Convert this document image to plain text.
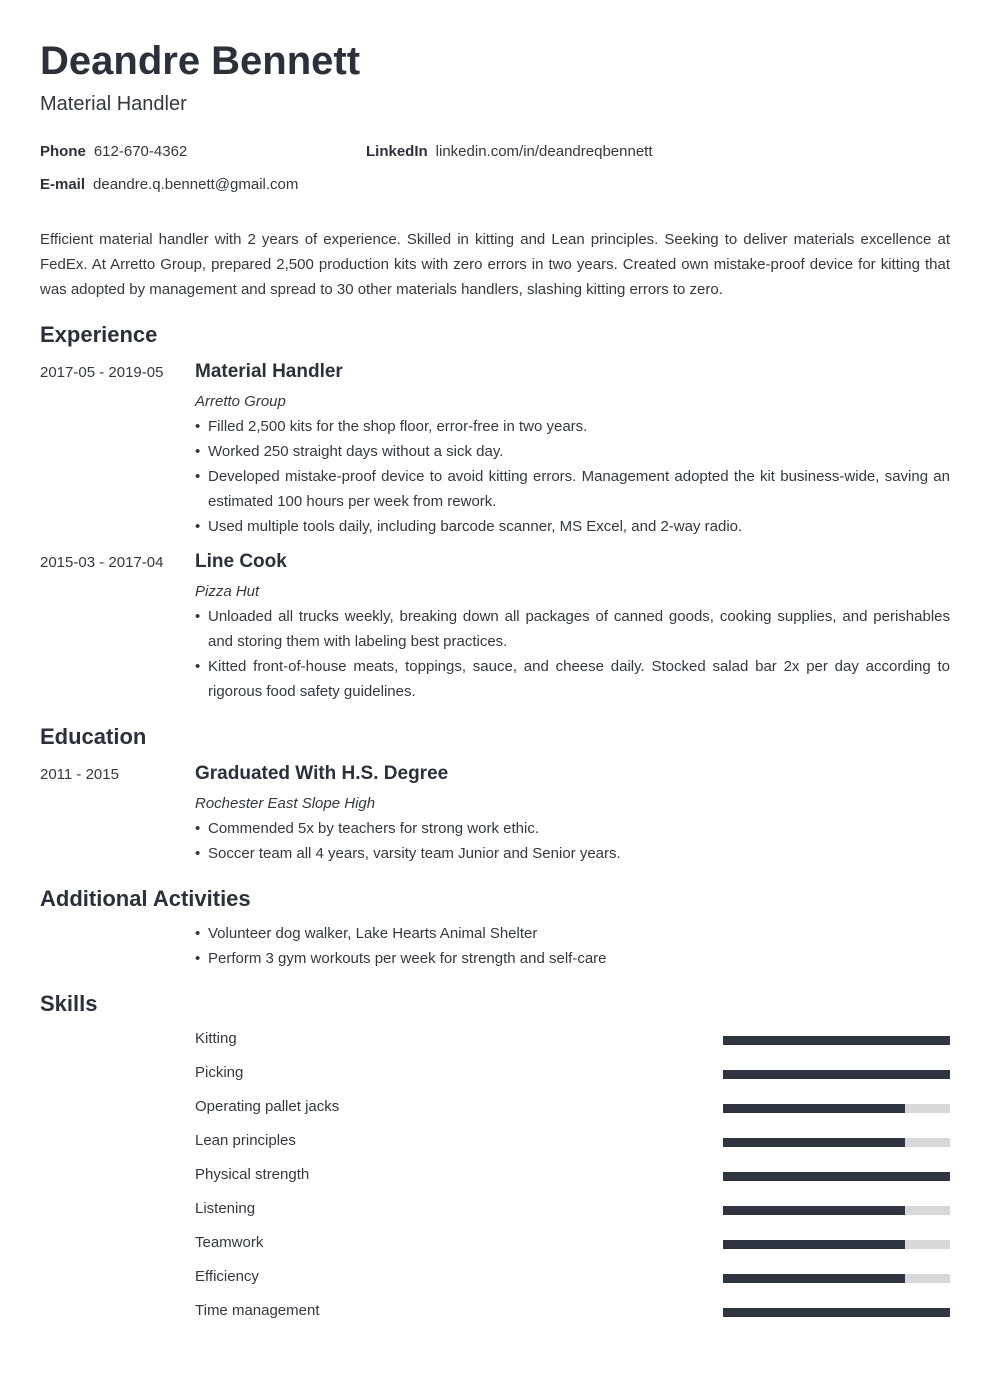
Deandre Bennett
Material Handler
Phone 612-670-4362	LinkedIn linkedin.com/in/deandreqbennett
E-mail deandre.q.bennett@gmail.com

Efficient material handler with 2 years of experience. Skilled in kitting and Lean principles. Seeking to deliver materials excellence at FedEx. At Arretto Group, prepared 2,500 production kits with zero errors in two years. Created own mistake-proof device for kitting that was adopted by management and spread to 30 other materials handlers, slashing kitting errors to zero.

Experience
2017-05 - 2019-05 Material Handler
Arretto Group
• Filled 2,500 kits for the shop floor, error-free in two years.
• Worked 250 straight days without a sick day.
• Developed mistake-proof device to avoid kitting errors. Management adopted the kit business-wide, saving an estimated 100 hours per week from rework.
• Used multiple tools daily, including barcode scanner, MS Excel, and 2-way radio.
2015-03 - 2017-04 Line Cook
Pizza Hut
• Unloaded all trucks weekly, breaking down all packages of canned goods, cooking supplies, and perishables and storing them with labeling best practices.
• Kitted front-of-house meats, toppings, sauce, and cheese daily. Stocked salad bar 2x per day according to rigorous food safety guidelines.
Education
2011 - 2015	Graduated With H.S. Degree
Rochester East Slope High
• Commended 5x by teachers for strong work ethic.
• Soccer team all 4 years, varsity team Junior and Senior years.
Additional Activities
• Volunteer dog walker, Lake Hearts Animal Shelter
• Perform 3 gym workouts per week for strength and self-care
Skills
Kitting
Picking
Operating pallet jacks
Lean principles
Physical strength
Listening
Teamwork
Efficiency
Time management
